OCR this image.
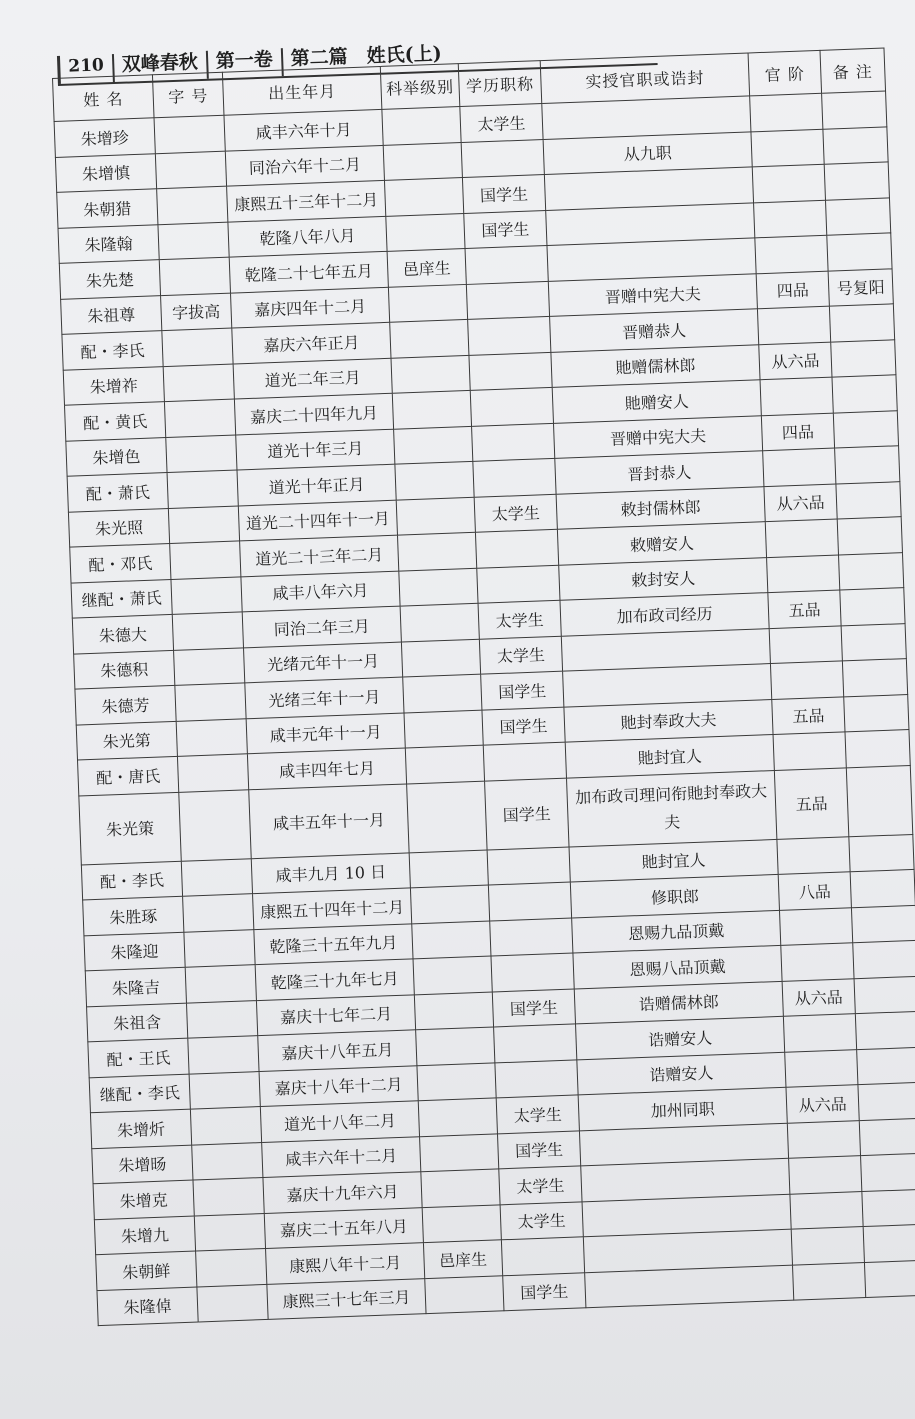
210 双峰春秋 第一卷 第二篇　姓氏(上)
姓 名	字 号	出生年月	科举级别	学历职称	实授官职或诰封	官 阶	备 注
朱增珍		咸丰六年十月		太学生			
朱增慎		同治六年十二月			从九职		
朱朝猎		康熙五十三年十二月		国学生			
朱隆翰		乾隆八年八月		国学生			
朱先楚		乾隆二十七年五月	邑庠生				
朱祖尊	字拔高	嘉庆四年十二月			晋赠中宪大夫	四品	号复阳
配・李氏		嘉庆六年正月			晋赠恭人		
朱增祚		道光二年三月			貤赠儒林郎	从六品	
配・黄氏		嘉庆二十四年九月			貤赠安人		
朱增色		道光十年三月			晋赠中宪大夫	四品	
配・萧氏		道光十年正月			晋封恭人		
朱光照		道光二十四年十一月		太学生	敕封儒林郎	从六品	
配・邓氏		道光二十三年二月			敕赠安人		
继配・萧氏		咸丰八年六月			敕封安人		
朱德大		同治二年三月		太学生	加布政司经历	五品	
朱德积		光绪元年十一月		太学生			
朱德芳		光绪三年十一月		国学生			
朱光第		咸丰元年十一月		国学生	貤封奉政大夫	五品	
配・唐氏		咸丰四年七月			貤封宜人		
朱光策		咸丰五年十一月		国学生	加布政司理问衔貤封奉政大夫	五品	
配・李氏		咸丰九月 10 日			貤封宜人		
朱胜琢		康熙五十四年十二月			修职郎	八品	
朱隆迎		乾隆三十五年九月			恩赐九品顶戴		
朱隆吉		乾隆三十九年七月			恩赐八品顶戴		
朱祖含		嘉庆十七年二月		国学生	诰赠儒林郎	从六品	
配・王氏		嘉庆十八年五月			诰赠安人		
继配・李氏		嘉庆十八年十二月			诰赠安人		
朱增炘		道光十八年二月		太学生	加州同职	从六品	
朱增旸		咸丰六年十二月		国学生			
朱增克		嘉庆十九年六月		太学生			
朱增九		嘉庆二十五年八月		太学生			
朱朝鲜		康熙八年十二月	邑庠生				
朱隆倬		康熙三十七年三月		国学生			
